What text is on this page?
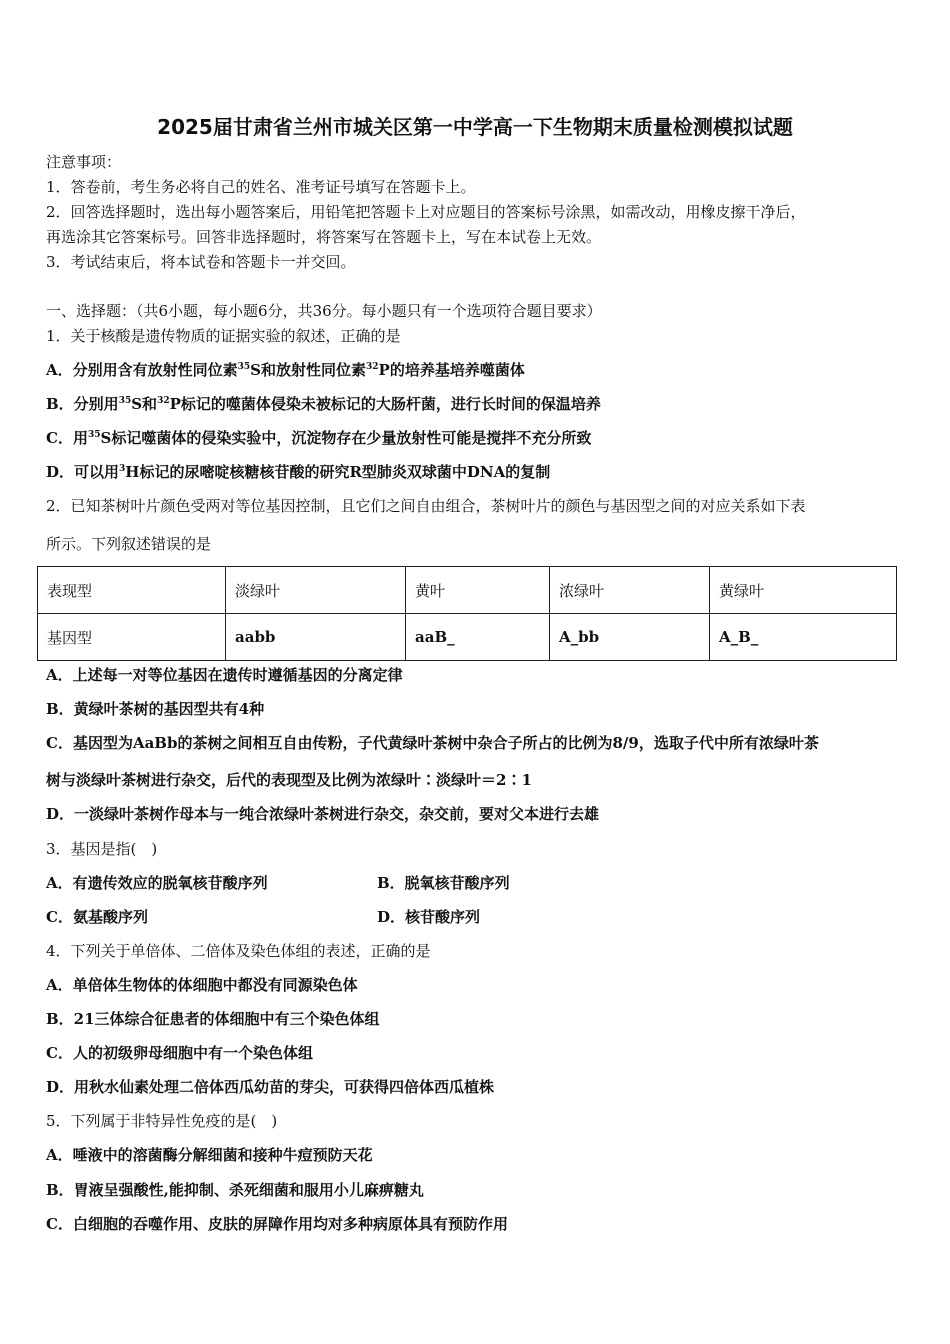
2025届甘肃省兰州市城关区第一中学高一下生物期末质量检测模拟试题
注意事项：
1．答卷前，考生务必将自己的姓名、准考证号填写在答题卡上。
2．回答选择题时，选出每小题答案后，用铅笔把答题卡上对应题目的答案标号涂黑，如需改动，用橡皮擦干净后，
再选涂其它答案标号。回答非选择题时，将答案写在答题卡上，写在本试卷上无效。
3．考试结束后，将本试卷和答题卡一并交回。
一、选择题：（共6小题，每小题6分，共36分。每小题只有一个选项符合题目要求）
1．关于核酸是遗传物质的证据实验的叙述，正确的是
A．分别用含有放射性同位素$^{35}$S和放射性同位素$^{32}$P的培养基培养噬菌体
B．分别用$^{35}$S和$^{32}$P标记的噬菌体侵染未被标记的大肠杆菌，进行长时间的保温培养
C．用$^{35}$S标记噬菌体的侵染实验中，沉淀物存在少量放射性可能是搅拌不充分所致
D．可以用$^3$H标记的尿嘧啶核糖核苷酸的研究R型肺炎双球菌中DNA的复制
2．已知茶树叶片颜色受两对等位基因控制，且它们之间自由组合，茶树叶片的颜色与基因型之间的对应关系如下表
所示。下列叙述错误的是
表现型	淡绿叶	黄叶	浓绿叶	黄绿叶
基因型	aabb	aaB_	A_bb	A_B_
A．上述每一对等位基因在遗传时遵循基因的分离定律
B．黄绿叶茶树的基因型共有4种
C．基因型为AaBb的茶树之间相互自由传粉，子代黄绿叶茶树中杂合子所占的比例为8/9，选取子代中所有浓绿叶茶
树与淡绿叶茶树进行杂交，后代的表现型及比例为浓绿叶∶淡绿叶＝2∶1
D．一淡绿叶茶树作母本与一纯合浓绿叶茶树进行杂交，杂交前，要对父本进行去雄
3．基因是指(　)
A．有遗传效应的脱氧核苷酸序列	B．脱氧核苷酸序列
C．氨基酸序列	D．核苷酸序列
4．下列关于单倍体、二倍体及染色体组的表述，正确的是
A．单倍体生物体的体细胞中都没有同源染色体
B．21三体综合征患者的体细胞中有三个染色体组
C．人的初级卵母细胞中有一个染色体组
D．用秋水仙素处理二倍体西瓜幼苗的芽尖，可获得四倍体西瓜植株
5．下列属于非特异性免疫的是(　)
A．唾液中的溶菌酶分解细菌和接种牛痘预防天花
B．胃液呈强酸性,能抑制、杀死细菌和服用小儿麻痹糖丸
C．白细胞的吞噬作用、皮肤的屏障作用均对多种病原体具有预防作用
